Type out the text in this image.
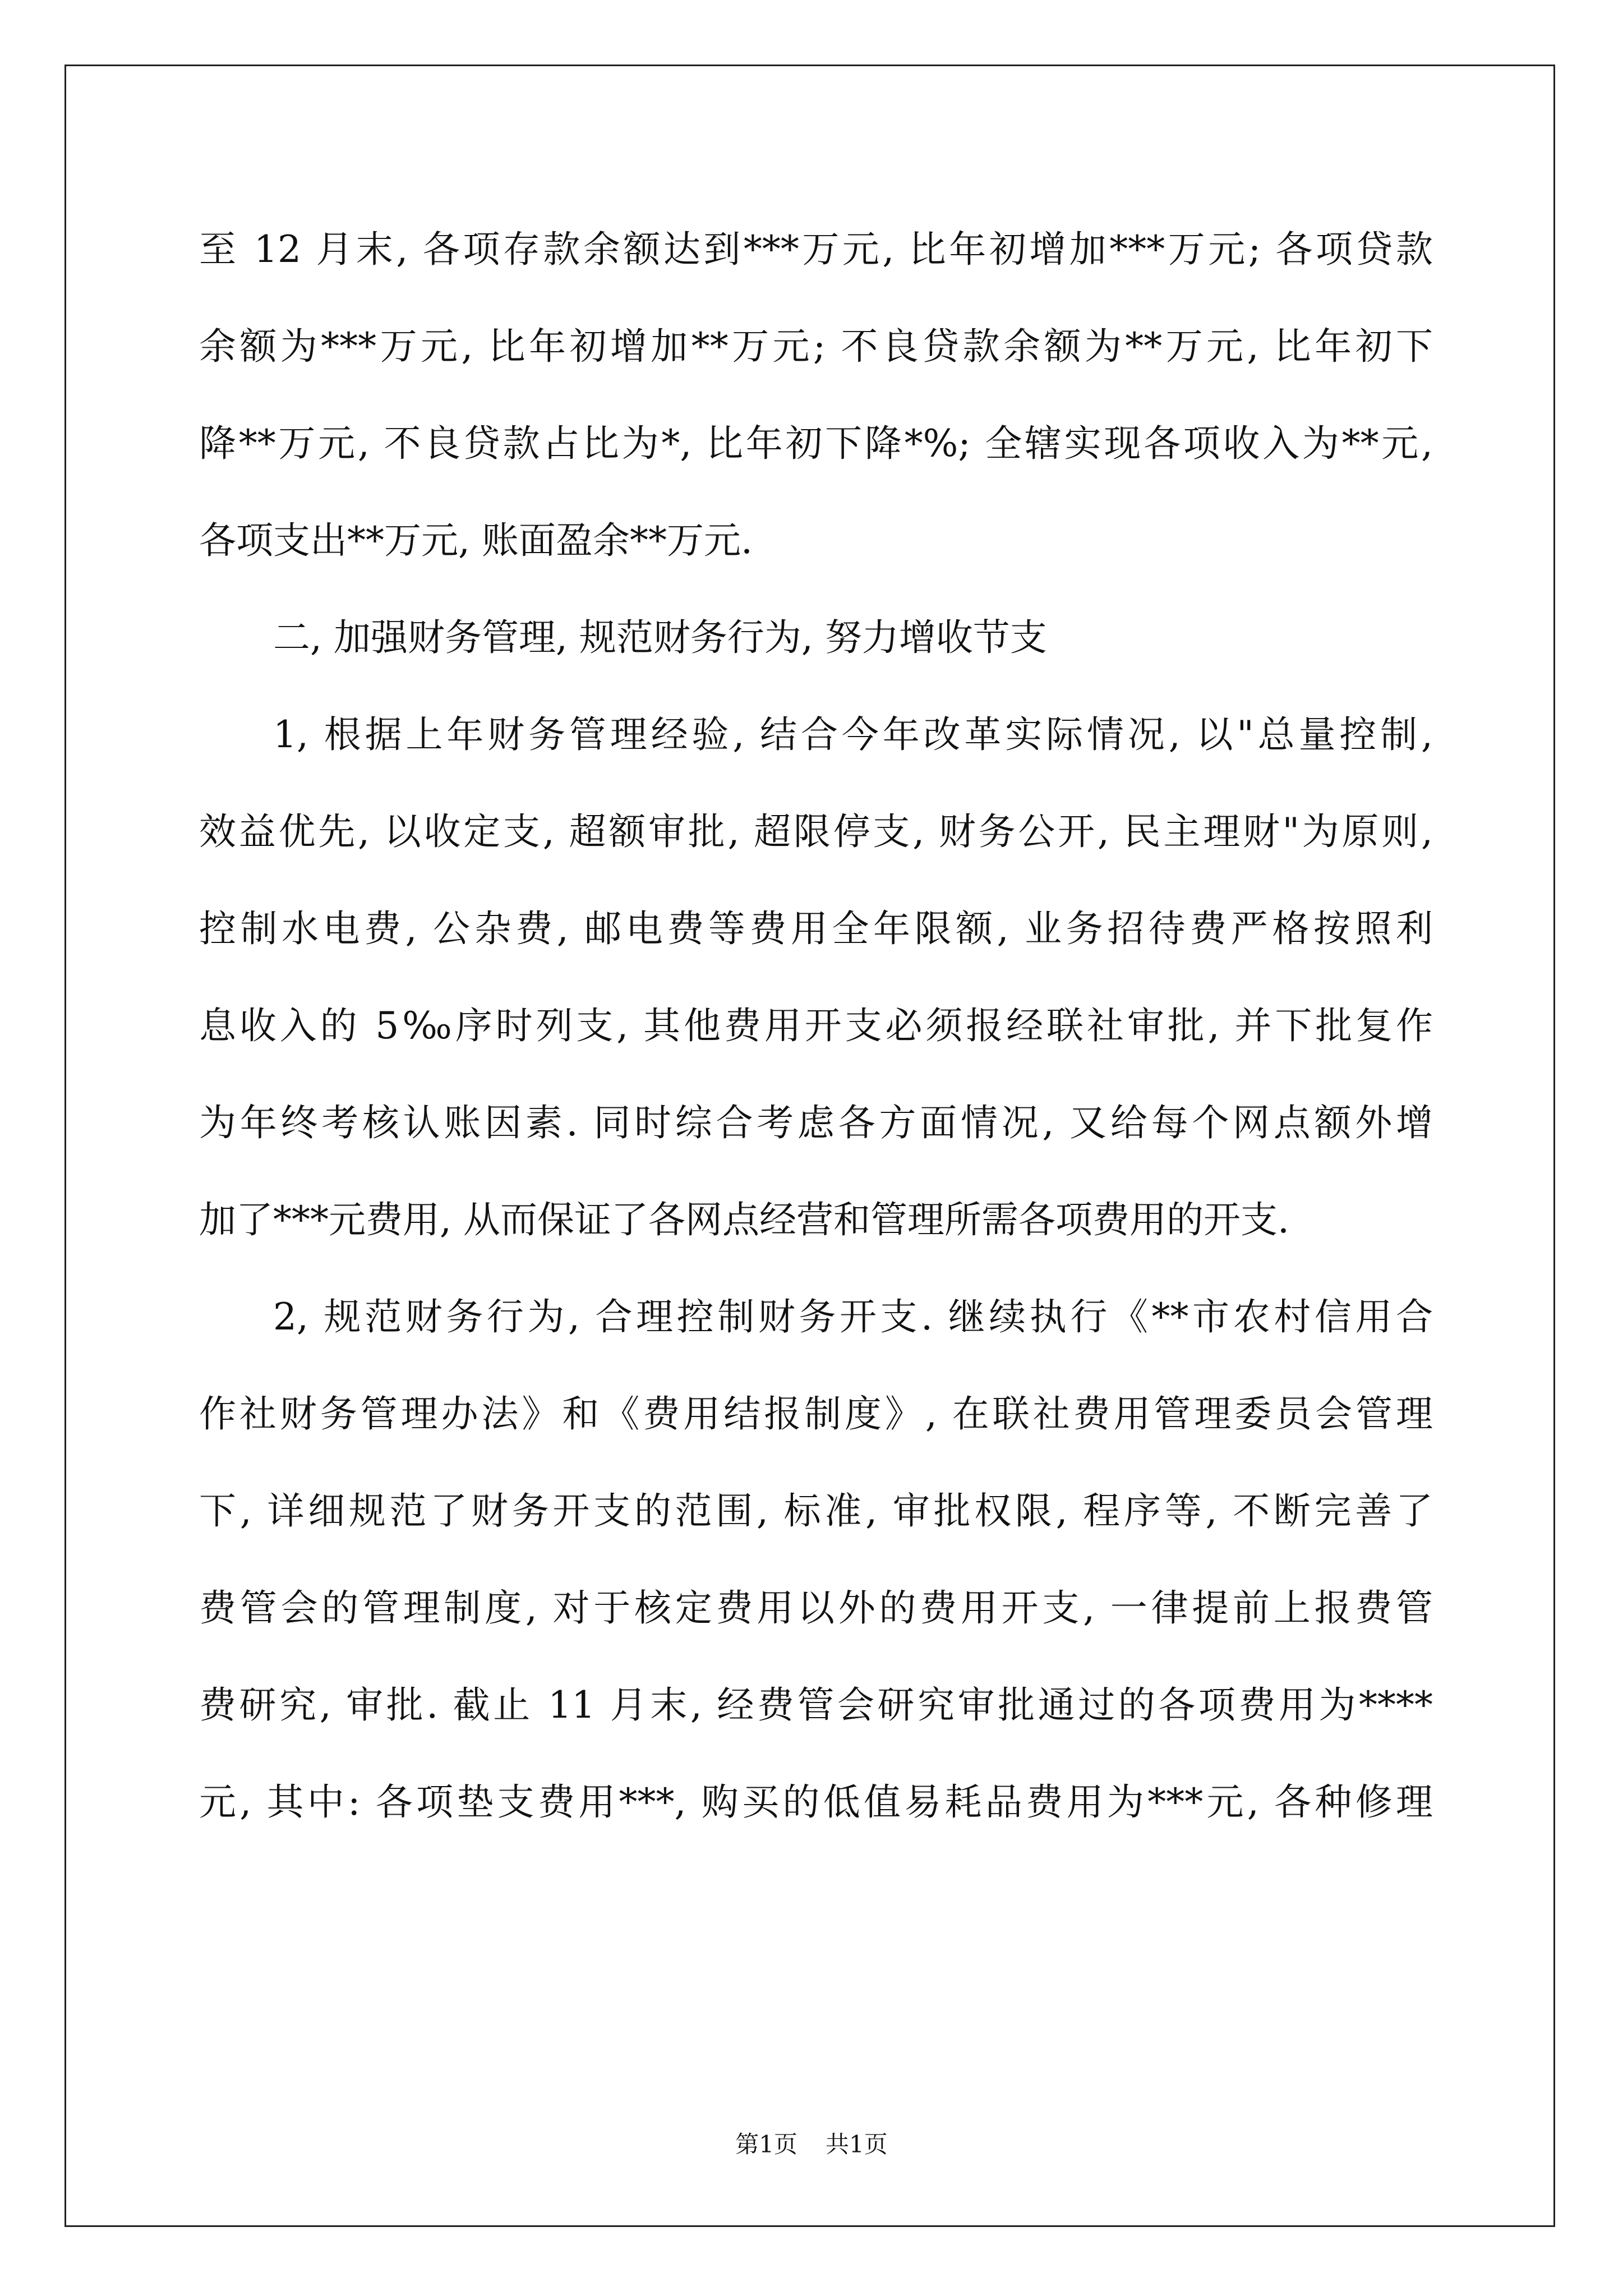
至 12 月末, 各项存款余额达到***万元, 比年初增加***万元; 各项贷款
余额为***万元, 比年初增加**万元; 不良贷款余额为**万元, 比年初下
降**万元, 不良贷款占比为*, 比年初下降*%; 全辖实现各项收入为**元,
各项支出**万元, 账面盈余**万元.
二, 加强财务管理, 规范财务行为, 努力增收节支
1, 根据上年财务管理经验, 结合今年改革实际情况, 以"总量控制,
效益优先, 以收定支, 超额审批, 超限停支, 财务公开, 民主理财"为原则,
控制水电费, 公杂费, 邮电费等费用全年限额, 业务招待费严格按照利
息收入的 5‰序时列支, 其他费用开支必须报经联社审批, 并下批复作
为年终考核认账因素. 同时综合考虑各方面情况, 又给每个网点额外增
加了***元费用, 从而保证了各网点经营和管理所需各项费用的开支.
2, 规范财务行为, 合理控制财务开支. 继续执行《**市农村信用合
作社财务管理办法》和《费用结报制度》, 在联社费用管理委员会管理
下, 详细规范了财务开支的范围, 标准, 审批权限, 程序等, 不断完善了
费管会的管理制度, 对于核定费用以外的费用开支, 一律提前上报费管
费研究, 审批. 截止 11 月末, 经费管会研究审批通过的各项费用为****
元, 其中: 各项垫支费用***, 购买的低值易耗品费用为***元, 各种修理
第1页 共1页
